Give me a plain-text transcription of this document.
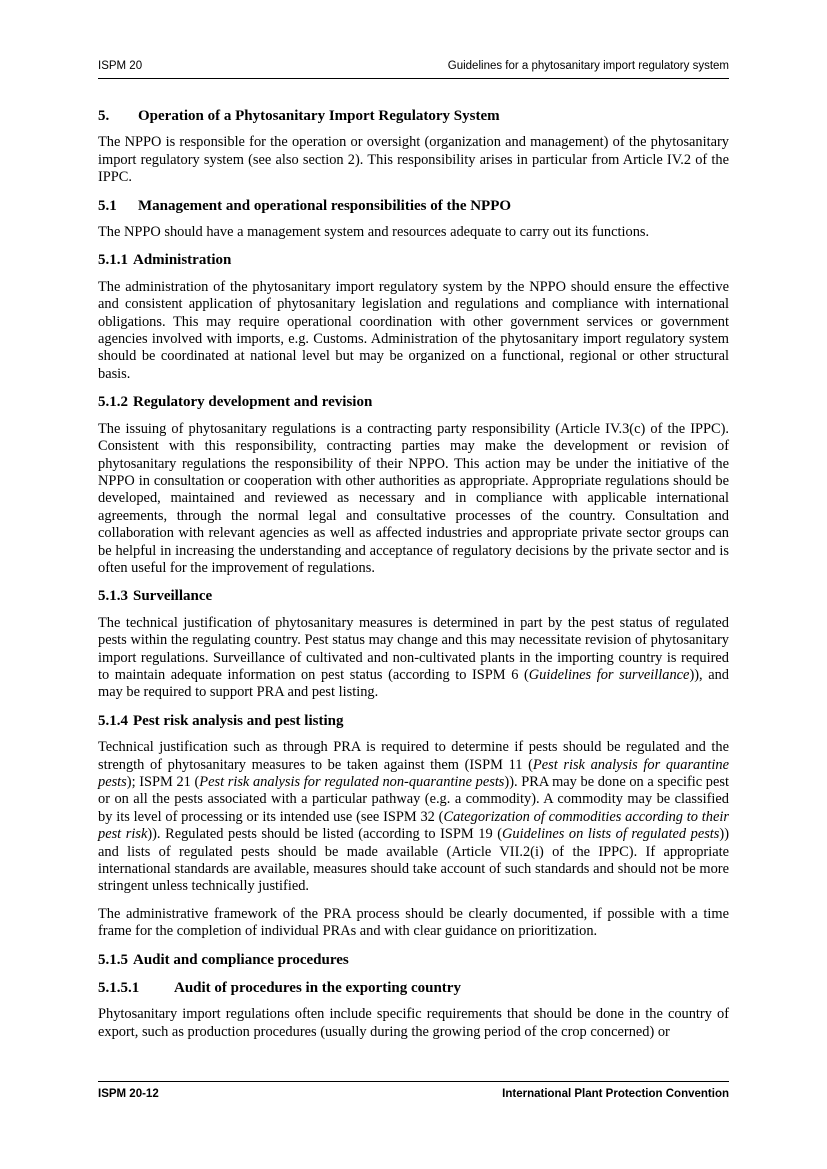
ISPM 20	Guidelines for a phytosanitary import regulatory system
5. Operation of a Phytosanitary Import Regulatory System

The NPPO is responsible for the operation or oversight (organization and management) of the phytosanitary import regulatory system (see also section 2). This responsibility arises in particular from Article IV.2 of the IPPC.

5.1 Management and operational responsibilities of the NPPO

The NPPO should have a management system and resources adequate to carry out its functions.

5.1.1 Administration

The administration of the phytosanitary import regulatory system by the NPPO should ensure the effective and consistent application of phytosanitary legislation and regulations and compliance with international obligations. This may require operational coordination with other government services or government agencies involved with imports, e.g. Customs. Administration of the phytosanitary import regulatory system should be coordinated at national level but may be organized on a functional, regional or other structural basis.

5.1.2 Regulatory development and revision

The issuing of phytosanitary regulations is a contracting party responsibility (Article IV.3(c) of the IPPC). Consistent with this responsibility, contracting parties may make the development or revision of phytosanitary regulations the responsibility of their NPPO. This action may be under the initiative of the NPPO in consultation or cooperation with other authorities as appropriate. Appropriate regulations should be developed, maintained and reviewed as necessary and in compliance with applicable international agreements, through the normal legal and consultative processes of the country. Consultation and collaboration with relevant agencies as well as affected industries and appropriate private sector groups can be helpful in increasing the understanding and acceptance of regulatory decisions by the private sector and is often useful for the improvement of regulations.

5.1.3 Surveillance

The technical justification of phytosanitary measures is determined in part by the pest status of regulated pests within the regulating country. Pest status may change and this may necessitate revision of phytosanitary import regulations. Surveillance of cultivated and non-cultivated plants in the importing country is required to maintain adequate information on pest status (according to ISPM 6 (Guidelines for surveillance)), and may be required to support PRA and pest listing.

5.1.4 Pest risk analysis and pest listing

Technical justification such as through PRA is required to determine if pests should be regulated and the strength of phytosanitary measures to be taken against them (ISPM 11 (Pest risk analysis for quarantine pests); ISPM 21 (Pest risk analysis for regulated non-quarantine pests)). PRA may be done on a specific pest or on all the pests associated with a particular pathway (e.g. a commodity). A commodity may be classified by its level of processing or its intended use (see ISPM 32 (Categorization of commodities according to their pest risk)). Regulated pests should be listed (according to ISPM 19 (Guidelines on lists of regulated pests)) and lists of regulated pests should be made available (Article VII.2(i) of the IPPC). If appropriate international standards are available, measures should take account of such standards and should not be more stringent unless technically justified.

The administrative framework of the PRA process should be clearly documented, if possible with a time frame for the completion of individual PRAs and with clear guidance on prioritization.

5.1.5 Audit and compliance procedures
5.1.5.1 Audit of procedures in the exporting country

Phytosanitary import regulations often include specific requirements that should be done in the country of export, such as production procedures (usually during the growing period of the crop concerned) or

ISPM 20-12	International Plant Protection Convention
